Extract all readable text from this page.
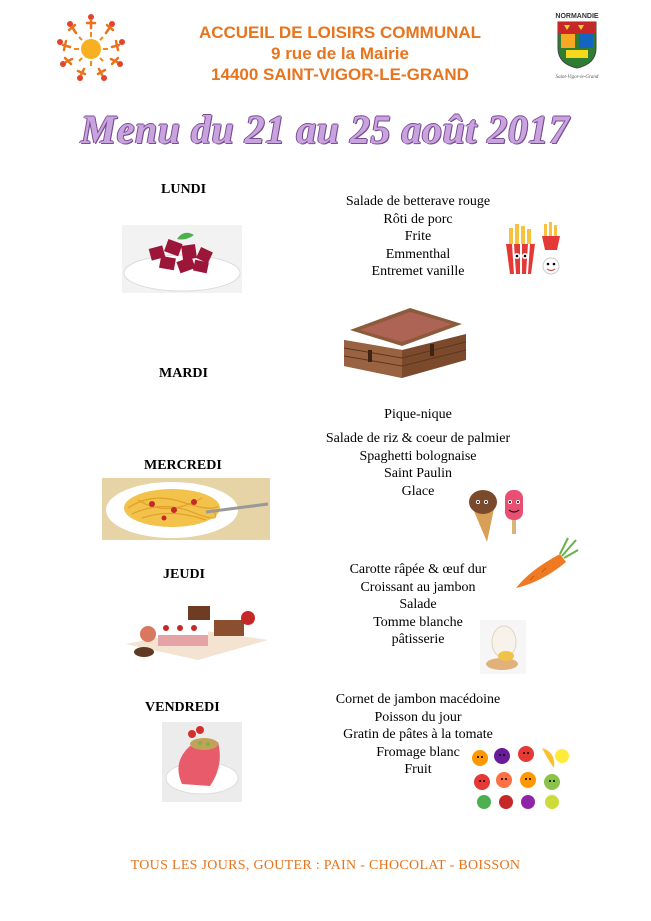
ACCUEIL DE LOISIRS COMMUNAL
9 rue de la Mairie
14400 SAINT-VIGOR-LE-GRAND
NORMANDIE
Saint-Vigor-le-Grand
Menu du 21 au 25 août 2017
LUNDI
Salade de betterave rouge
Rôti de porc
Frite
Emmenthal
Entremet vanille
MARDI
Pique-nique
Salade de riz & coeur de palmier
Spaghetti bolognaise
Saint Paulin
Glace
MERCREDI
Carotte râpée & œuf dur
Croissant au jambon
Salade
Tomme blanche
pâtisserie
JEUDI
Cornet de jambon macédoine
Poisson du jour
Gratin de pâtes à la tomate
Fromage blanc
Fruit
VENDREDI
TOUS LES JOURS, GOUTER : PAIN - CHOCOLAT - BOISSON
